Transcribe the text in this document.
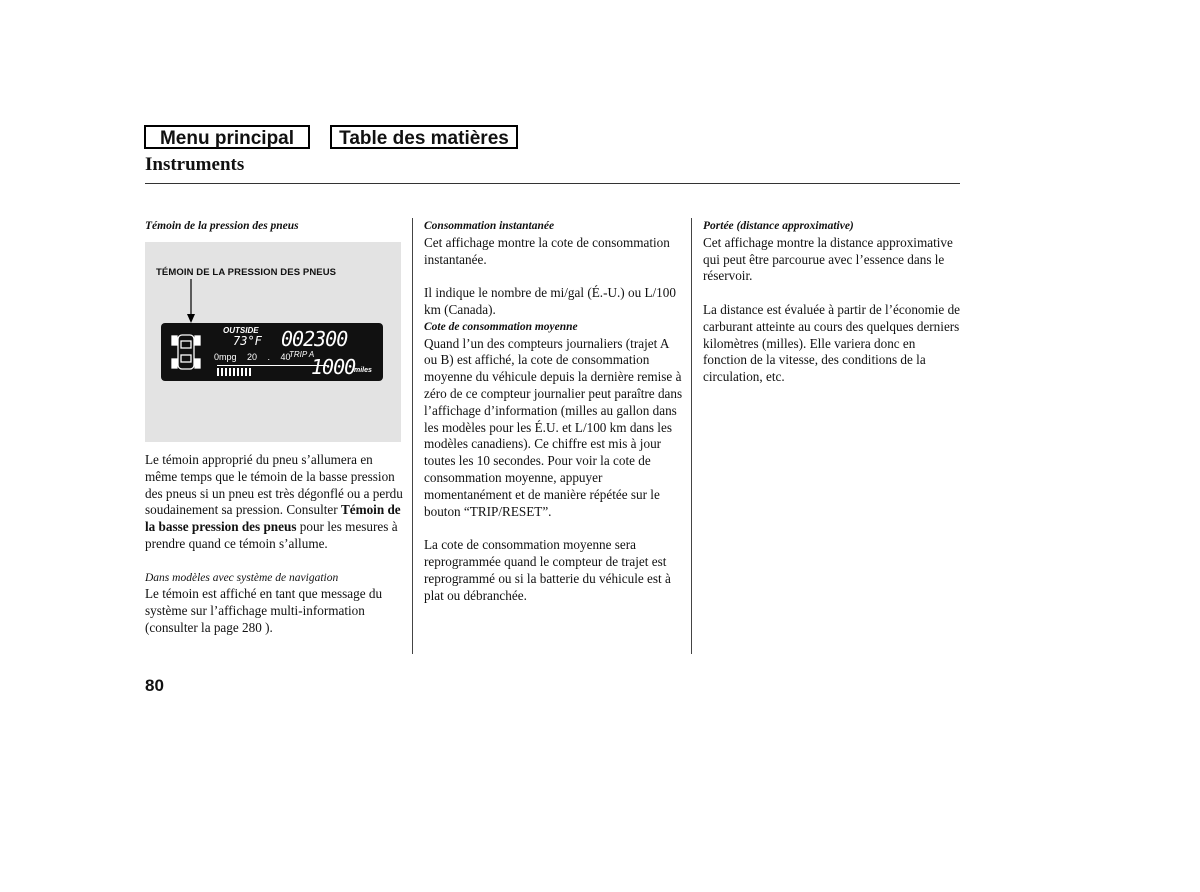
Menu principal	Table des matières
Instruments

Témoin de la pression des pneus

TÉMOIN DE LA PRESSION DES PNEUS
OUTSIDE
73°F 002300
TRIP A
1000
miles
0mpg 20 . 40

Le témoin approprié du pneu s’allumera en même temps que le témoin de la basse pression des pneus si un pneu est très dégonflé ou a perdu soudainement sa pression. Consulter Témoin de la basse pression des pneus pour les mesures à prendre quand ce témoin s’allume.

Dans modèles avec système de navigation

Le témoin est affiché en tant que message du système sur l’affichage multi-information (consulter la page 280 ).

Consommation instantanée

Cet affichage montre la cote de consommation instantanée.

Il indique le nombre de mi/gal (É.-U.) ou L/100 km (Canada).

Cote de consommation moyenne

Quand l’un des compteurs journaliers (trajet A ou B) est affiché, la cote de consommation moyenne du véhicule depuis la dernière remise à zéro de ce compteur journalier peut paraître dans l’affichage d’information (milles au gallon dans les modèles pour les É.U. et L/100 km dans les modèles canadiens). Ce chiffre est mis à jour toutes les 10 secondes. Pour voir la cote de consommation moyenne, appuyer momentanément et de manière répétée sur le bouton “TRIP/RESET”.

La cote de consommation moyenne sera reprogrammée quand le compteur de trajet est reprogrammé ou si la batterie du véhicule est à plat ou débranchée.

Portée (distance approximative)

Cet affichage montre la distance approximative qui peut être parcourue avec l’essence dans le réservoir.

La distance est évaluée à partir de l’économie de carburant atteinte au cours des quelques derniers kilomètres (milles). Elle variera donc en fonction de la vitesse, des conditions de la circulation, etc.

80
